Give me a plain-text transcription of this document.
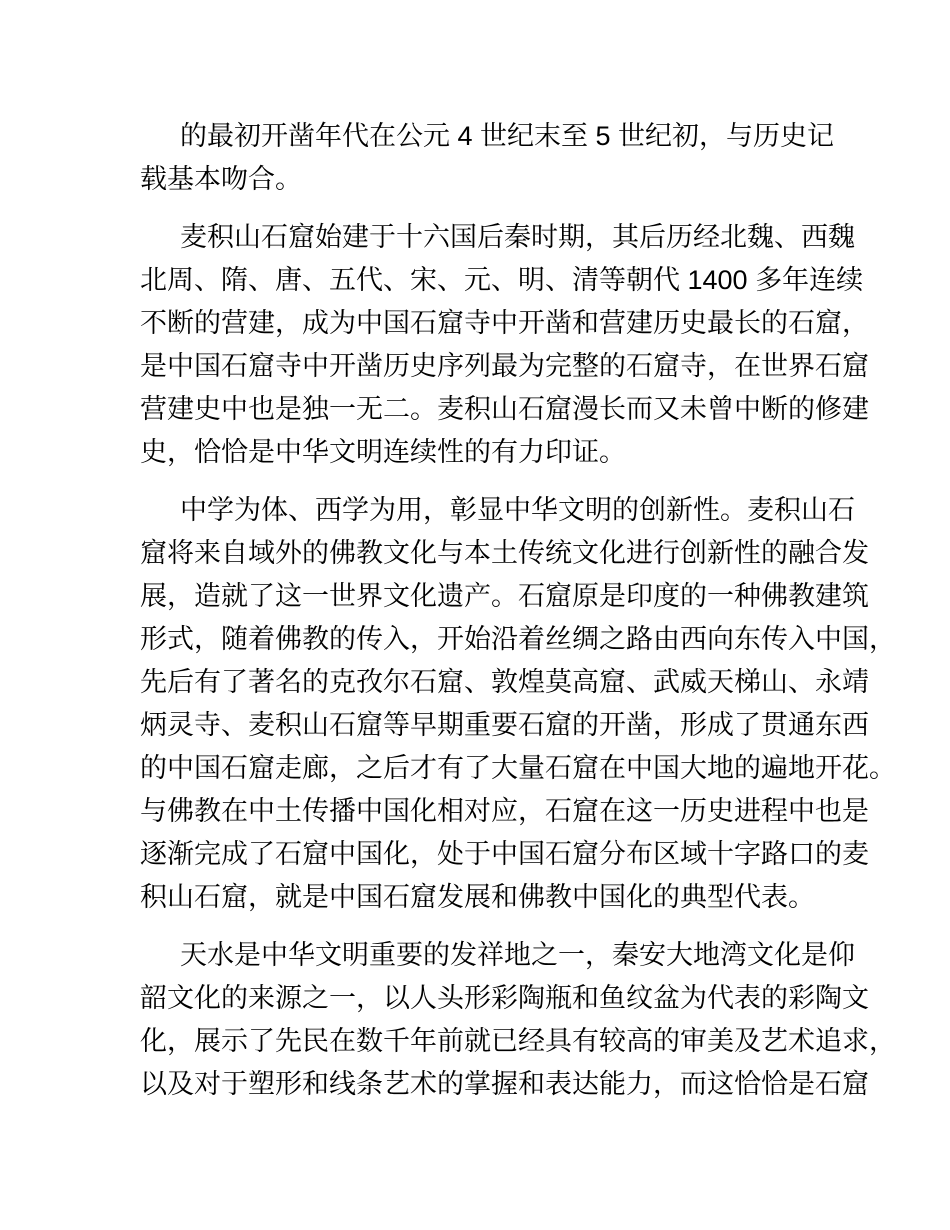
的最初开凿年代在公元 4 世纪末至 5 世纪初，与历史记
载基本吻合。

麦积山石窟始建于十六国后秦时期，其后历经北魏、西魏
北周、隋、唐、五代、宋、元、明、清等朝代 1400 多年连续
不断的营建，成为中国石窟寺中开凿和营建历史最长的石窟，
是中国石窟寺中开凿历史序列最为完整的石窟寺，在世界石窟
营建史中也是独一无二。麦积山石窟漫长而又未曾中断的修建
史，恰恰是中华文明连续性的有力印证。

中学为体、西学为用，彰显中华文明的创新性。麦积山石
窟将来自域外的佛教文化与本土传统文化进行创新性的融合发
展，造就了这一世界文化遗产。石窟原是印度的一种佛教建筑
形式，随着佛教的传入，开始沿着丝绸之路由西向东传入中国，
先后有了著名的克孜尔石窟、敦煌莫高窟、武威天梯山、永靖
炳灵寺、麦积山石窟等早期重要石窟的开凿，形成了贯通东西
的中国石窟走廊，之后才有了大量石窟在中国大地的遍地开花。
与佛教在中土传播中国化相对应，石窟在这一历史进程中也是
逐渐完成了石窟中国化，处于中国石窟分布区域十字路口的麦
积山石窟，就是中国石窟发展和佛教中国化的典型代表。

天水是中华文明重要的发祥地之一，秦安大地湾文化是仰
韶文化的来源之一，以人头形彩陶瓶和鱼纹盆为代表的彩陶文
化，展示了先民在数千年前就已经具有较高的审美及艺术追求，
以及对于塑形和线条艺术的掌握和表达能力，而这恰恰是石窟
